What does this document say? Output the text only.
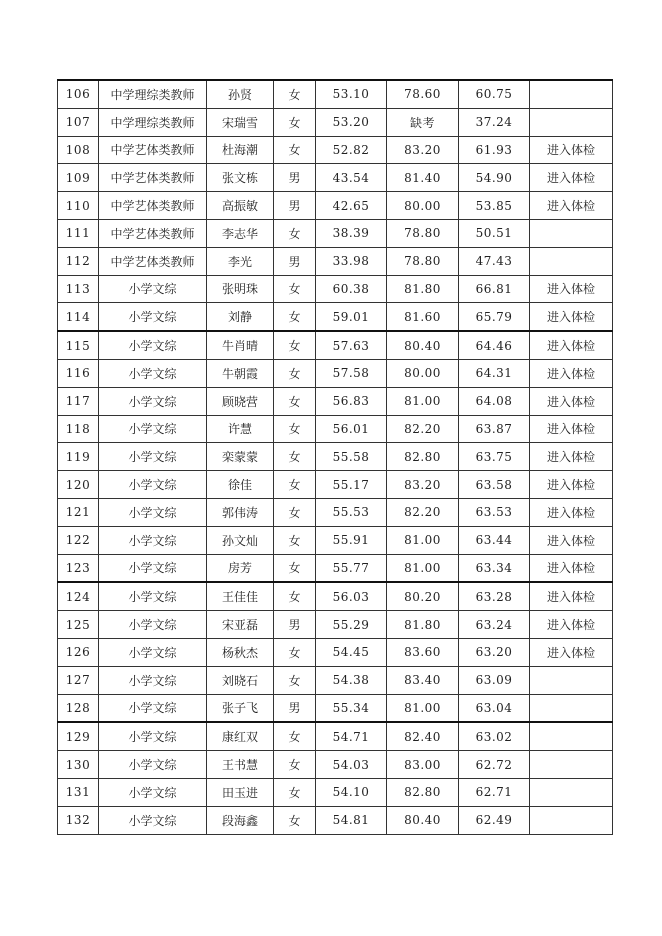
106	中学理综类教师	孙贤	女	53.10	78.60	60.75	
107	中学理综类教师	宋瑞雪	女	53.20	缺考	37.24	
108	中学艺体类教师	杜海潮	女	52.82	83.20	61.93	进入体检
109	中学艺体类教师	张文栋	男	43.54	81.40	54.90	进入体检
110	中学艺体类教师	高振敏	男	42.65	80.00	53.85	进入体检
111	中学艺体类教师	李志华	女	38.39	78.80	50.51	
112	中学艺体类教师	李光	男	33.98	78.80	47.43	
113	小学文综	张明珠	女	60.38	81.80	66.81	进入体检
114	小学文综	刘静	女	59.01	81.60	65.79	进入体检
115	小学文综	牛肖晴	女	57.63	80.40	64.46	进入体检
116	小学文综	牛朝霞	女	57.58	80.00	64.31	进入体检
117	小学文综	顾晓营	女	56.83	81.00	64.08	进入体检
118	小学文综	许慧	女	56.01	82.20	63.87	进入体检
119	小学文综	栾蒙蒙	女	55.58	82.80	63.75	进入体检
120	小学文综	徐佳	女	55.17	83.20	63.58	进入体检
121	小学文综	郭伟涛	女	55.53	82.20	63.53	进入体检
122	小学文综	孙文灿	女	55.91	81.00	63.44	进入体检
123	小学文综	房芳	女	55.77	81.00	63.34	进入体检
124	小学文综	王佳佳	女	56.03	80.20	63.28	进入体检
125	小学文综	宋亚磊	男	55.29	81.80	63.24	进入体检
126	小学文综	杨秋杰	女	54.45	83.60	63.20	进入体检
127	小学文综	刘晓石	女	54.38	83.40	63.09	
128	小学文综	张子飞	男	55.34	81.00	63.04	
129	小学文综	康红双	女	54.71	82.40	63.02	
130	小学文综	王书慧	女	54.03	83.00	62.72	
131	小学文综	田玉进	女	54.10	82.80	62.71	
132	小学文综	段海鑫	女	54.81	80.40	62.49	
